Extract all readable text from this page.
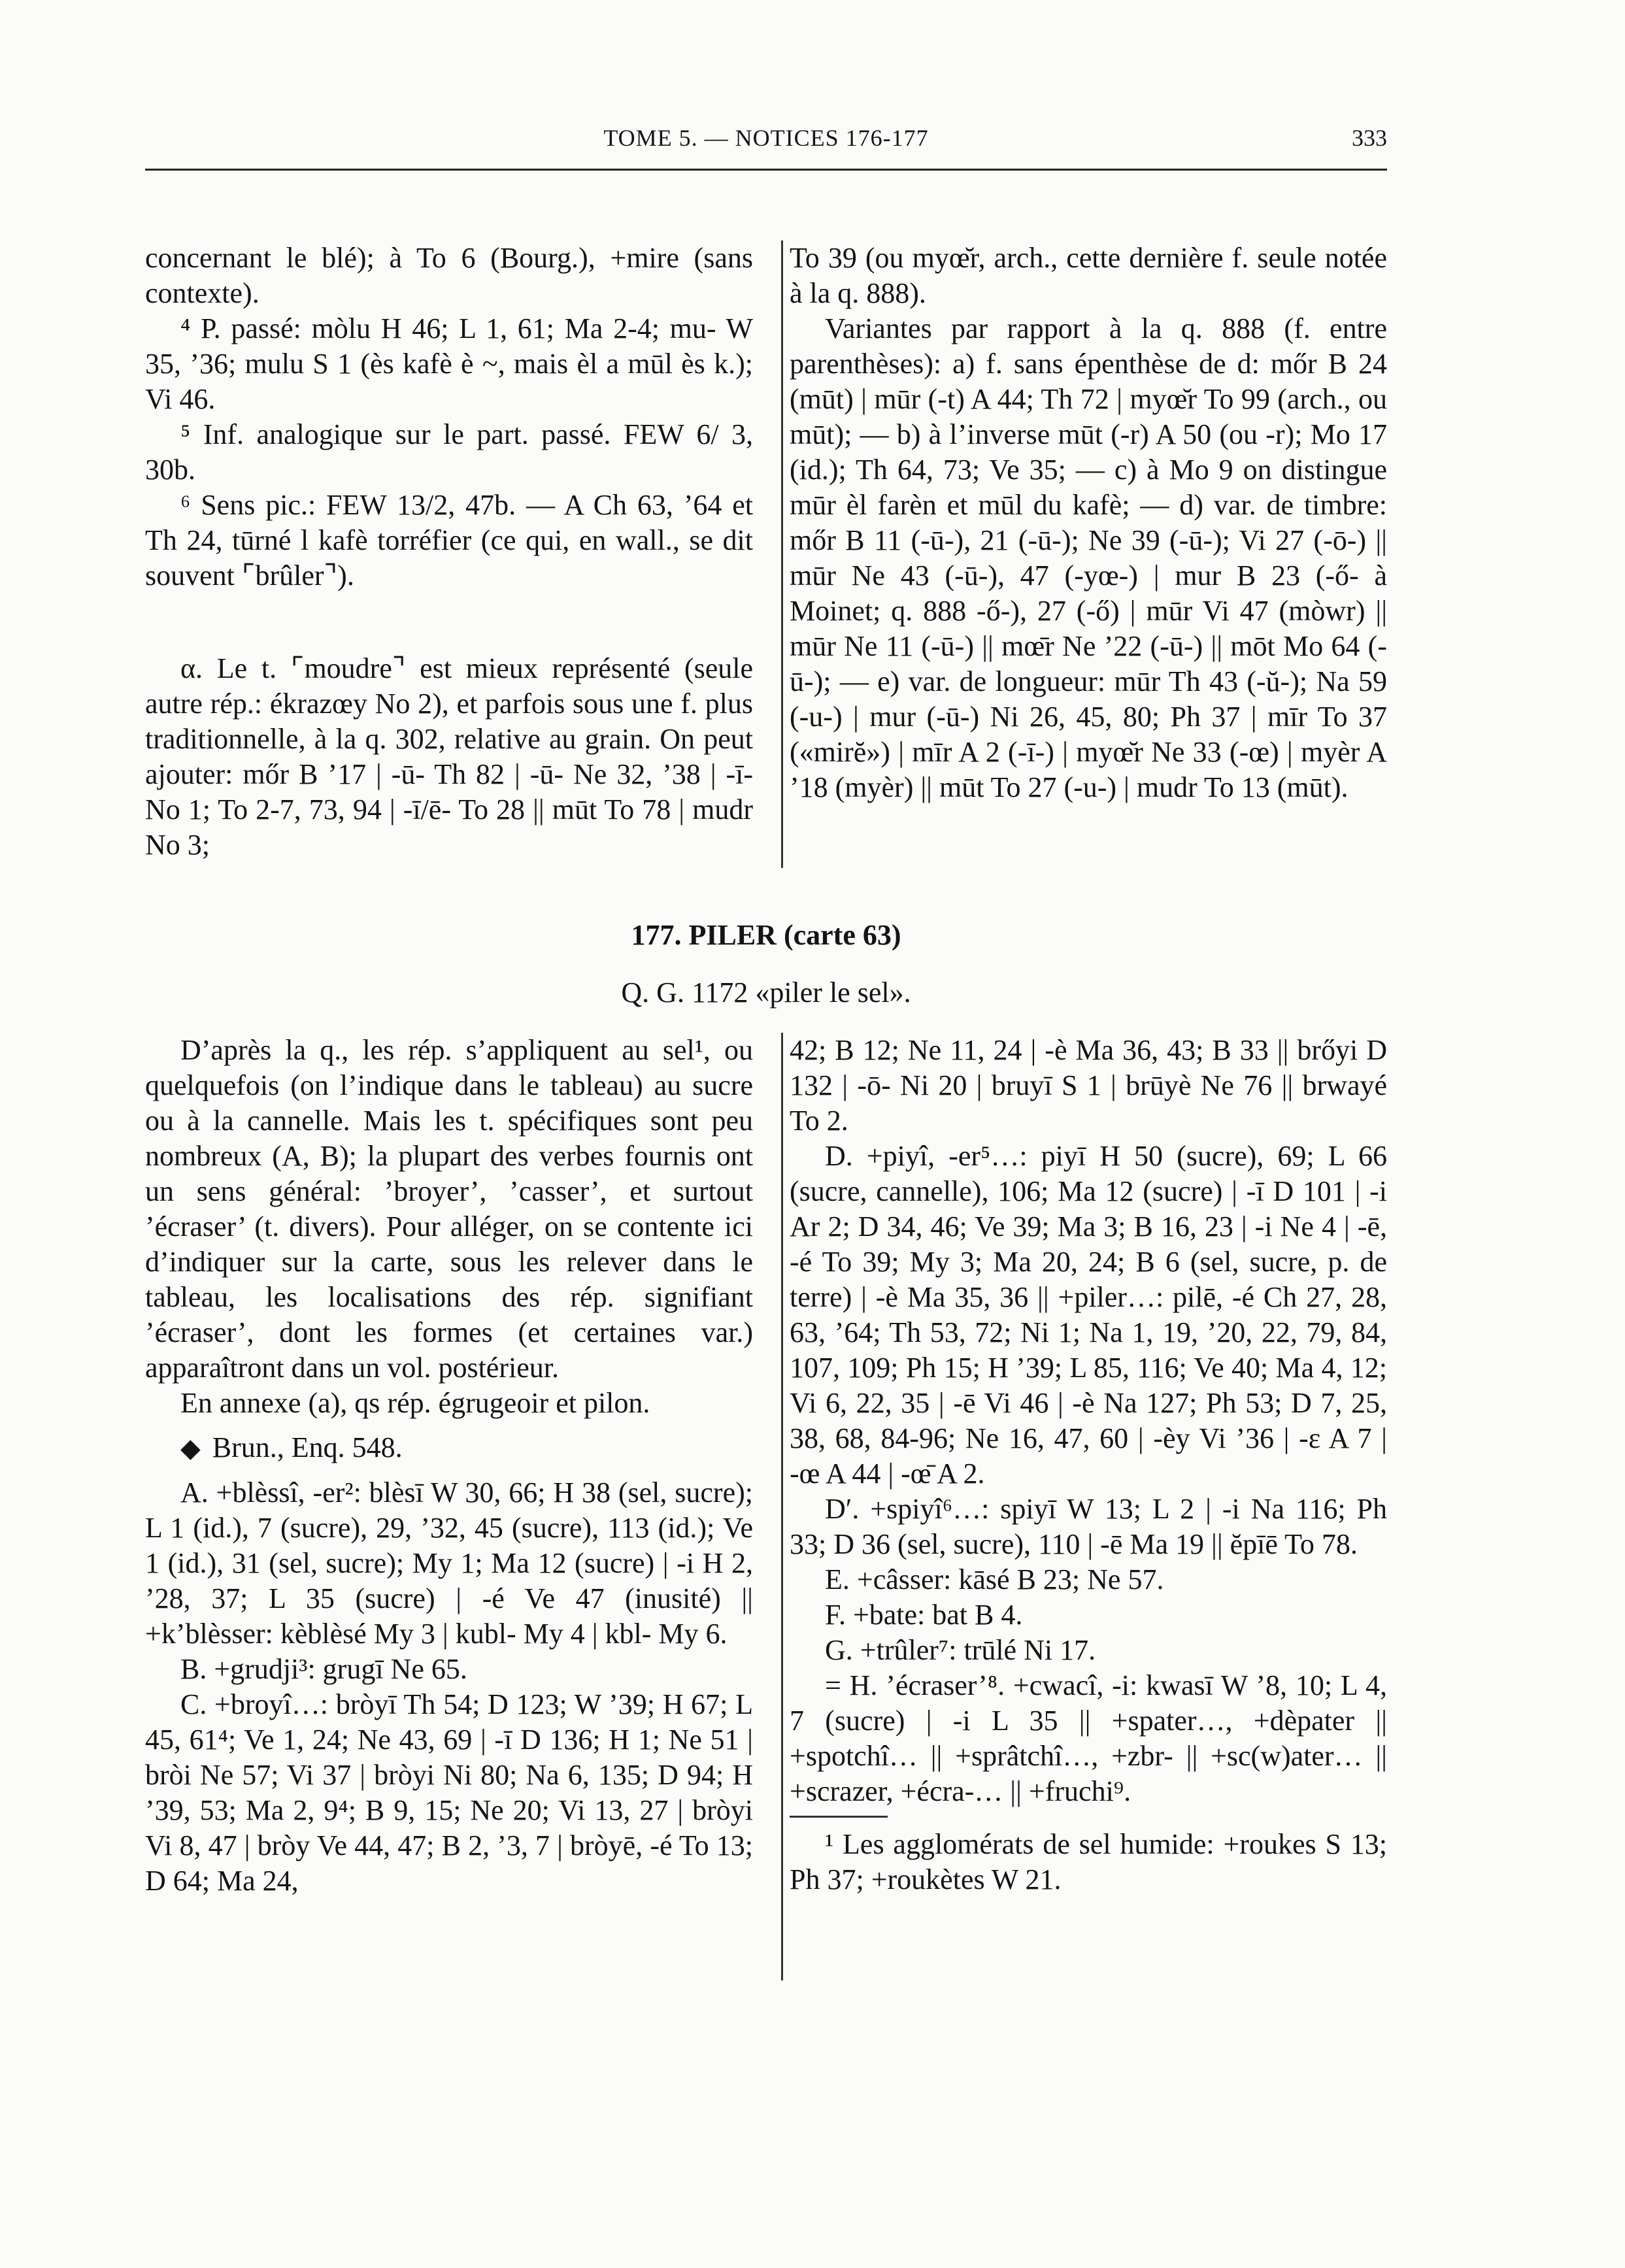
TOME 5. — NOTICES 176-177	333

concernant le blé); à To 6 (Bourg.), +mire (sans contexte).

⁴ P. passé: mòlu H 46; L 1, 61; Ma 2-4; mu- W 35, ’36; mulu S 1 (ès kafè è ~, mais èl a mūl ès k.); Vi 46.

⁵ Inf. analogique sur le part. passé. FEW 6/ 3, 30b.

⁶ Sens pic.: FEW 13/2, 47b. — A Ch 63, ’64 et Th 24, tūrné l kafè torréfier (ce qui, en wall., se dit souvent ⌜brûler⌝).

α. Le t. ⌜moudre⌝ est mieux représenté (seule autre rép.: ékrazœy No 2), et parfois sous une f. plus traditionnelle, à la q. 302, relative au grain. On peut ajouter: mőr B ’17 | -ū- Th 82 | -ū- Ne 32, ’38 | -ī- No 1; To 2-7, 73, 94 | -ī/ē- To 28 || mūt To 78 | mudr No 3;

To 39 (ou myœ̆r, arch., cette dernière f. seule notée à la q. 888).

Variantes par rapport à la q. 888 (f. entre parenthèses): a) f. sans épenthèse de d: mőr B 24 (mūt) | mūr (-t) A 44; Th 72 | myœ̆r To 99 (arch., ou mūt); — b) à l’inverse mūt (-r) A 50 (ou -r); Mo 17 (id.); Th 64, 73; Ve 35; — c) à Mo 9 on distingue mūr èl farèn et mūl du kafè; — d) var. de timbre: mőr B 11 (-ū-), 21 (-ū-); Ne 39 (-ū-); Vi 27 (-ō-) || mūr Ne 43 (-ū-), 47 (-yœ-) | mur B 23 (-ő- à Moinet; q. 888 -ő-), 27 (-ő) | mūr Vi 47 (mòwr) || mūr Ne 11 (-ū-) || mœ̄r Ne ’22 (-ū-) || mōt Mo 64 (-ū-); — e) var. de longueur: mūr Th 43 (-ŭ-); Na 59 (-u-) | mur (-ū-) Ni 26, 45, 80; Ph 37 | mīr To 37 («mirĕ») | mīr A 2 (-ī-) | myœ̆r Ne 33 (-œ) | myèr A ’18 (myèr) || mūt To 27 (-u-) | mudr To 13 (mūt).

177. PILER (carte 63)
Q. G. 1172 «piler le sel».

D’après la q., les rép. s’appliquent au sel¹, ou quelquefois (on l’indique dans le tableau) au sucre ou à la cannelle. Mais les t. spécifiques sont peu nombreux (A, B); la plupart des verbes fournis ont un sens général: ’broyer’, ’casser’, et surtout ’écraser’ (t. divers). Pour alléger, on se contente ici d’indiquer sur la carte, sous les relever dans le tableau, les localisations des rép. signifiant ’écraser’, dont les formes (et certaines var.) apparaîtront dans un vol. postérieur.

En annexe (a), qs rép. égrugeoir et pilon.

◆ Brun., Enq. 548.

A. +blèssî, -er²: blèsī W 30, 66; H 38 (sel, sucre); L 1 (id.), 7 (sucre), 29, ’32, 45 (sucre), 113 (id.); Ve 1 (id.), 31 (sel, sucre); My 1; Ma 12 (sucre) | -i H 2, ’28, 37; L 35 (sucre) | -é Ve 47 (inusité) || +k’blèsser: kèblèsé My 3 | kubl- My 4 | kbl- My 6.

B. +grudji³: grugī Ne 65.

C. +broyî…: bròyī Th 54; D 123; W ’39; H 67; L 45, 61⁴; Ve 1, 24; Ne 43, 69 | -ī D 136; H 1; Ne 51 | bròi Ne 57; Vi 37 | bròyi Ni 80; Na 6, 135; D 94; H ’39, 53; Ma 2, 9⁴; B 9, 15; Ne 20; Vi 13, 27 | bròyi Vi 8, 47 | bròy Ve 44, 47; B 2, ’3, 7 | bròyē, -é To 13; D 64; Ma 24,

42; B 12; Ne 11, 24 | -è Ma 36, 43; B 33 || brőyi D 132 | -ō- Ni 20 | bruyī S 1 | brūyè Ne 76 || brwayé To 2.

D. +piyî, -er⁵…: piyī H 50 (sucre), 69; L 66 (sucre, cannelle), 106; Ma 12 (sucre) | -ī D 101 | -i Ar 2; D 34, 46; Ve 39; Ma 3; B 16, 23 | -i Ne 4 | -ē, -é To 39; My 3; Ma 20, 24; B 6 (sel, sucre, p. de terre) | -è Ma 35, 36 || +piler…: pilē, -é Ch 27, 28, 63, ’64; Th 53, 72; Ni 1; Na 1, 19, ’20, 22, 79, 84, 107, 109; Ph 15; H ’39; L 85, 116; Ve 40; Ma 4, 12; Vi 6, 22, 35 | -ē Vi 46 | -è Na 127; Ph 53; D 7, 25, 38, 68, 84-96; Ne 16, 47, 60 | -èy Vi ’36 | -ɛ A 7 | -œ A 44 | -œ̄ A 2.

D′. +spiyî⁶…: spiyī W 13; L 2 | -i Na 116; Ph 33; D 36 (sel, sucre), 110 | -ē Ma 19 || ĕpīē To 78.

E. +câsser: kāsé B 23; Ne 57.

F. +bate: bat B 4.

G. +trûler⁷: trūlé Ni 17.

= H. ’écraser’⁸. +cwacî, -i: kwasī W ’8, 10; L 4, 7 (sucre) | -i L 35 || +spater…, +dèpater || +spotchî… || +sprâtchî…, +zbr- || +sc(w)ater… || +scrazer, +écra-… || +fruchi⁹.

¹ Les agglomérats de sel humide: +roukes S 13; Ph 37; +roukètes W 21.
